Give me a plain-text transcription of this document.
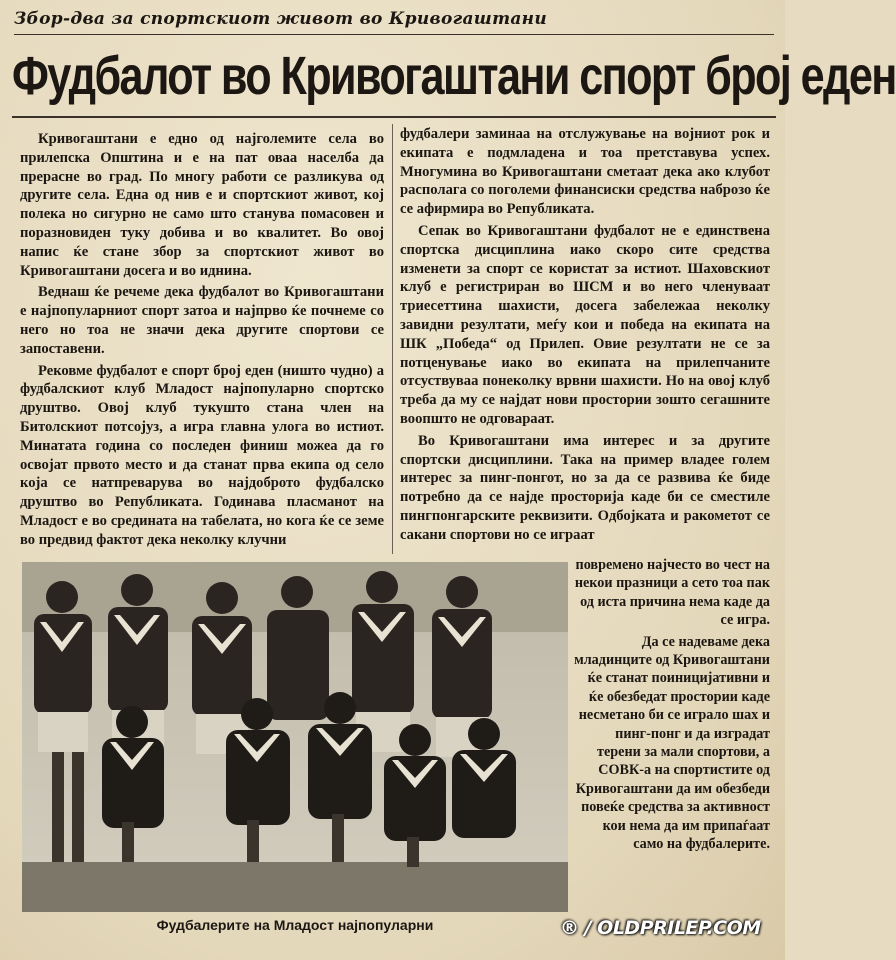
Збор-два за спортскиот живот во Кривогаштани
Фудбалот во Кривогаштани спорт број еден

Кривогаштани е едно од најголемите села во прилепска Општина и е на пат оваа населба да прерасне во град. По многу работи се разликува од другите села. Една од нив е и спортскиот живот, кој полека но сигурно не само што станува помасовен и поразновиден туку добива и во квалитет. Во овој напис ќе стане збор за спортскиот живот во Кривогаштани досега и во иднина.

Веднаш ќе речеме дека фудбалот во Кривогаштани е најпопуларниот спорт затоа и најпрво ќе почнеме со него но тоа не значи дека другите спортови се запоставени.

Рековме фудбалот е спорт број еден (ништо чудно) а фудбалскиот клуб Младост најпопуларно спортско друштво. Овој клуб тукушто стана член на Битолскиот потсојуз, а игра главна улога во истиот. Минатата година со последен финиш можеа да го освојат првото место и да станат прва екипа од село која се натпреварува во најдоброто фудбалско друштво во Републиката. Годинава пласманот на Младост е во средината на табелата, но кога ќе се земе во предвид фактот дека неколку клучни

фудбалери заминаа на отслужување на војниот рок и екипата е подмладена и тоа претставува успех. Многумина во Кривогаштани сметаат дека ако клубот располага со поголеми финансиски средства наброзо ќе се афирмира во Републиката.

Сепак во Кривогаштани фудбалот не е единствена спортска дисциплина иако скоро сите средства изменети за спорт се користат за истиот. Шаховскиот клуб е регистриран во ШСМ и во него членуваат триесеттина шахисти, досега забележаа неколку завидни резултати, меѓу кои и победа на екипата на ШК „Победа“ од Прилеп. Овие резултати не се за потценување иако во екипата на прилепчаните отсуствуваа понеколку врвни шахисти. Но на овој клуб треба да му се најдат нови простории зошто сегашните воопшто не одговараат.

Во Кривогаштани има интерес и за другите спортски дисциплини. Така на пример владее голем интерес за пинг-понгот, но за да се развива ќе биде потребно да се најде просторија каде би се сместиле пингпонгарските реквизити. Одбојката и ракометот се сакани спортови но се играат

повремено најчесто во чест на некои празници а сето тоа пак од иста причина нема каде да се игра.

Да се надеваме дека младинците од Кривогаштани ќе станат поиницијативни и ќе обезбедат простории каде несметано би се играло шах и пинг-понг и да изградат терени за мали спортови, а СОВК-а на спортистите од Кривогаштани да им обезбеди повеќе средства за активност кои нема да им припаѓаат само на фудбалерите.

Фудбалерите на Младост најпопуларни	® / OLDPRILEP.COM
